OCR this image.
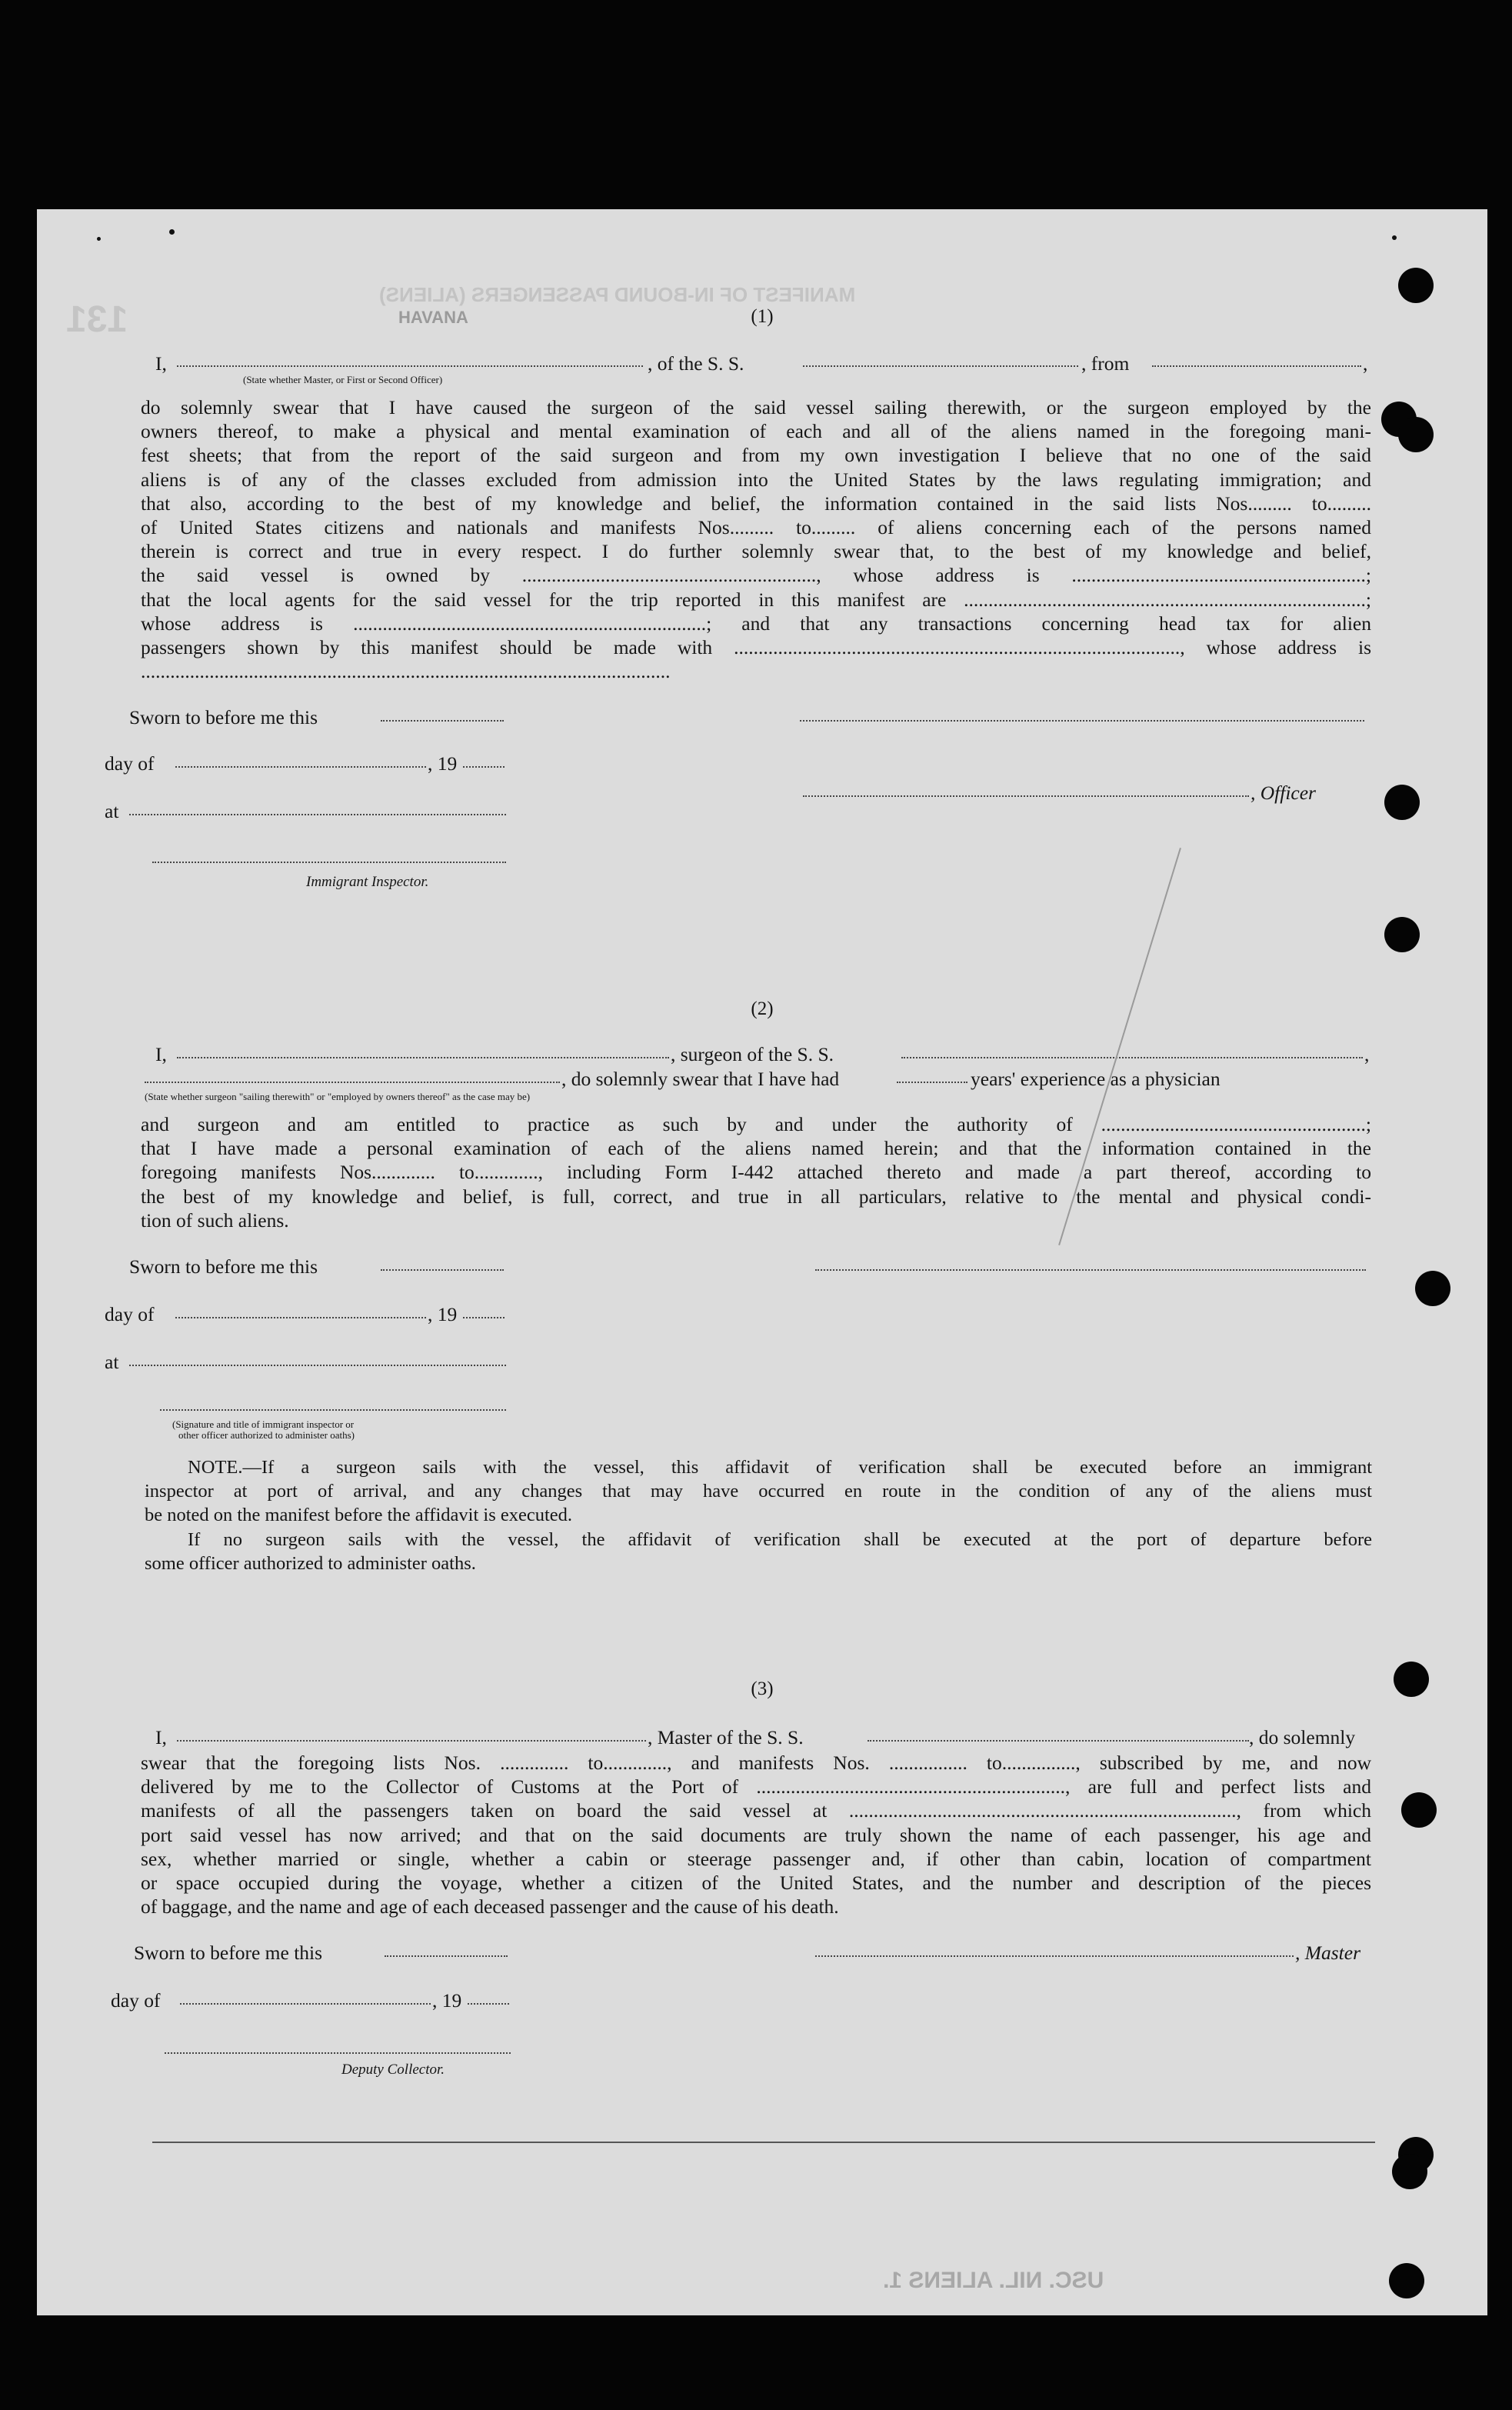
MANIFEST OF IN-BOUND PASSENGERS (ALIENS)
HAVANA
131
USC. NIL. ALIENS 1.
(1)
I,
(State whether Master, or First or Second Officer)
, of the S. S.	, from	,
do solemnly swear that I have caused the surgeon of the said vessel sailing therewith, or the surgeon employed by the
owners thereof, to make a physical and mental examination of each and all of the aliens named in the foregoing mani-
fest sheets; that from the report of the said surgeon and from my own investigation I believe that no one of the said
aliens is of any of the classes excluded from admission into the United States by the laws regulating immigration; and
that also, according to the best of my knowledge and belief, the information contained in the said lists Nos......... to.........
of United States citizens and nationals and manifests Nos......... to......... of aliens concerning each of the persons named
therein is correct and true in every respect. I do further solemnly swear that, to the best of my knowledge and belief,
the said vessel is owned by ............................................................, whose address is ............................................................;
that the local agents for the said vessel for the trip reported in this manifest are ..................................................................................;
whose address is ........................................................................; and that any transactions concerning head tax for alien
passengers shown by this manifest should be made with ..........................................................................................., whose address is
............................................................................................................
Sworn to before me this
day of	, 19
, Officer
at
Immigrant Inspector.
(2)
I,	, surgeon of the S. S.	,
, do solemnly swear that I have had	years' experience as a physician
(State whether surgeon "sailing therewith" or "employed by owners thereof" as the case may be)
and surgeon and am entitled to practice as such by and under the authority of ......................................................;
that I have made a personal examination of each of the aliens named herein; and that the information contained in the
foregoing manifests Nos............. to............., including Form I-442 attached thereto and made a part thereof, according to
the best of my knowledge and belief, is full, correct, and true in all particulars, relative to the mental and physical condi-
tion of such aliens.
Sworn to before me this
day of	, 19
at
(Signature and title of immigrant inspector or
other officer authorized to administer oaths)
NOTE.—If a surgeon sails with the vessel, this affidavit of verification shall be executed before an immigrant
inspector at port of arrival, and any changes that may have occurred en route in the condition of any of the aliens must
be noted on the manifest before the affidavit is executed.
If no surgeon sails with the vessel, the affidavit of verification shall be executed at the port of departure before
some officer authorized to administer oaths.
(3)
I,	, Master of the S. S.	, do solemnly
swear that the foregoing lists Nos. .............. to............., and manifests Nos. ................ to..............., subscribed by me, and now
delivered by me to the Collector of Customs at the Port of ..............................................................., are full and perfect lists and
manifests of all the passengers taken on board the said vessel at ..............................................................................., from which
port said vessel has now arrived; and that on the said documents are truly shown the name of each passenger, his age and
sex, whether married or single, whether a cabin or steerage passenger and, if other than cabin, location of compartment
or space occupied during the voyage, whether a citizen of the United States, and the number and description of the pieces
of baggage, and the name and age of each deceased passenger and the cause of his death.
Sworn to before me this	, Master
day of	, 19
Deputy Collector.
